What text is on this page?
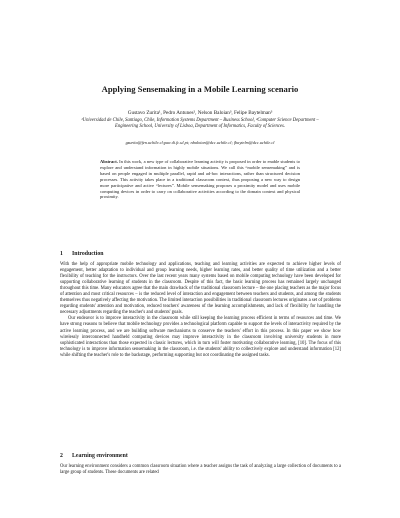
Applying Sensemaking in a Mobile Learning scenario
Gustavo Zurita¹, Pedro Antunes², Nelson Baloian³, Felipe Baytelman³
¹Universidad de Chile, Santiago, Chile, Information Systems Department – Business School, ²Computer Science Department – Engineering School, University of Lisboa, Department of Informatics, Faculty of Sciences.
gzurita@fen.uchile.cl;paa di.fc.ul.pt; nbaloian@dcc.uchile.cl; fbaytelm@dcc.uchile.cl
Abstract. In this work, a new type of collaborative learning activity is proposed in order to enable students to explore and understand information in highly mobile situations. We call this “mobile sensemaking” and is based on people engaged in multiple parallel, rapid and ad-hoc interactions, rather than structured decision processes. This activity takes place in a traditional classroom context, thus proposing a new way to design more participative and active “lectures”. Mobile sensemaking proposes a proximity model and uses mobile computing devices in order to carry on collaborative activities according to the domain context and physical proximity.
1 Introduction

With the help of appropriate mobile technology and applications, teaching and learning activities are expected to achieve higher levels of engagement, better adaptation to individual and group learning needs, higher learning rates, and better quality of time utilization and a better flexibility of teaching for the instructors. Over the last recent years many systems based on mobile computing technology have been developed for supporting collaborative learning of students in the classroom. Despite of this fact, the basic learning process has remained largely unchanged throughout this time. Many educators agree that the main drawback of the traditional classroom lecture – the one placing teachers as the major focus of attention and most critical resources – is the reduced level of interaction and engagement between teachers and students, and among the students themselves thus negatively affecting the motivation. The limited interaction possibilities in traditional classroom lectures originates a set of problems regarding students' attention and motivation, reduced teachers' awareness of the learning accomplishments, and lack of flexibility for handling the necessary adjustments regarding the teacher's and students' goals.

Our endeavor is to improve interactivity in the classroom while still keeping the learning process efficient in terms of resources and time. We have strong reasons to believe that mobile technology provides a technological platform capable to support the levels of interactivity required by the active learning process, and we are building software mechanisms to conserve the teachers' effort in this process. In this paper we show how wirelessly interconnected handheld computing devices may improve interactivity in the classroom involving university students in more sophisticated interactions than those expected in classic lectures, which in turn will foster motivating collaborative learning, [10]. The focus of this technology is to improve information sensemaking in the classroom, i.e. the students' ability to collectively explore and understand information [12] while shifting the teacher's role to the backstage, performing supporting but not coordinating the assigned tasks.

2 Learning environment

Our learning environment considers a common classroom situation where a teacher assigns the task of analyzing a large collection of documents to a large group of students. These documents are related
